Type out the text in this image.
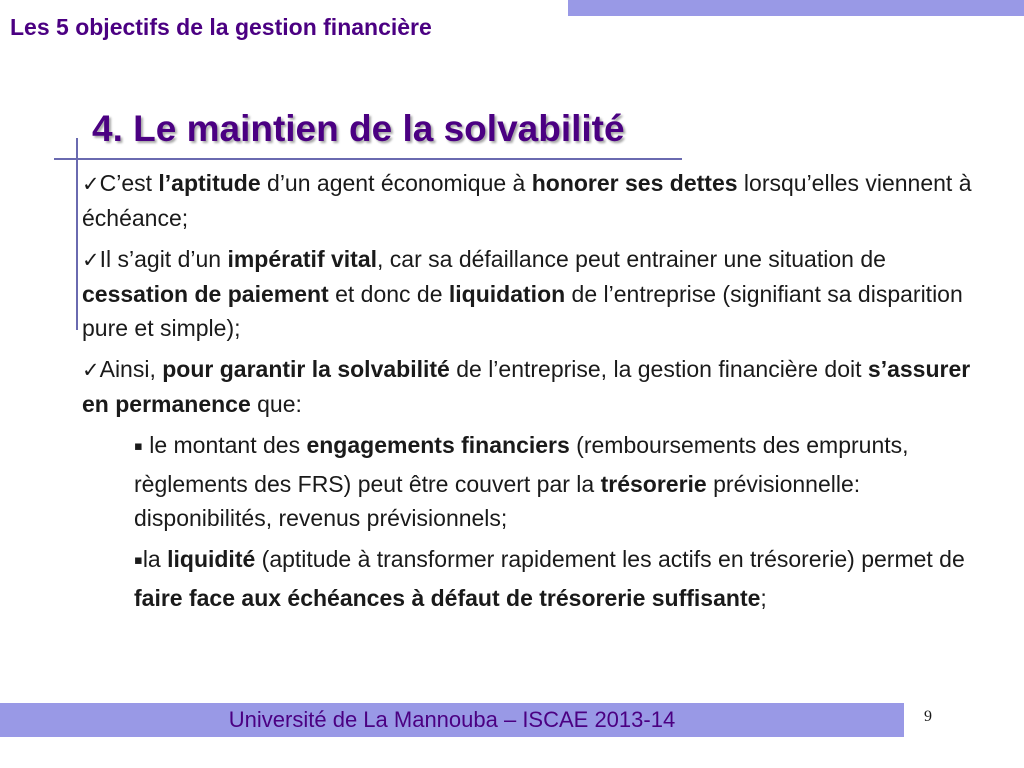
Les 5 objectifs de la gestion financière
4. Le maintien de la solvabilité

✓C’est l’aptitude d’un agent économique à honorer ses dettes lorsqu’elles viennent à échéance;

✓Il s’agit d’un impératif vital, car sa défaillance peut entrainer une situation de cessation de paiement et donc de liquidation de l’entreprise (signifiant sa disparition pure et simple);

✓Ainsi, pour garantir la solvabilité de l’entreprise, la gestion financière doit s’assurer en permanence que:

▪ le montant des engagements financiers (remboursements des emprunts, règlements des FRS) peut être couvert par la trésorerie prévisionnelle: disponibilités, revenus prévisionnels;

▪la liquidité (aptitude à transformer rapidement les actifs en trésorerie) permet de faire face aux échéances à défaut de trésorerie suffisante;

Université de La Mannouba – ISCAE 2013-14	9
